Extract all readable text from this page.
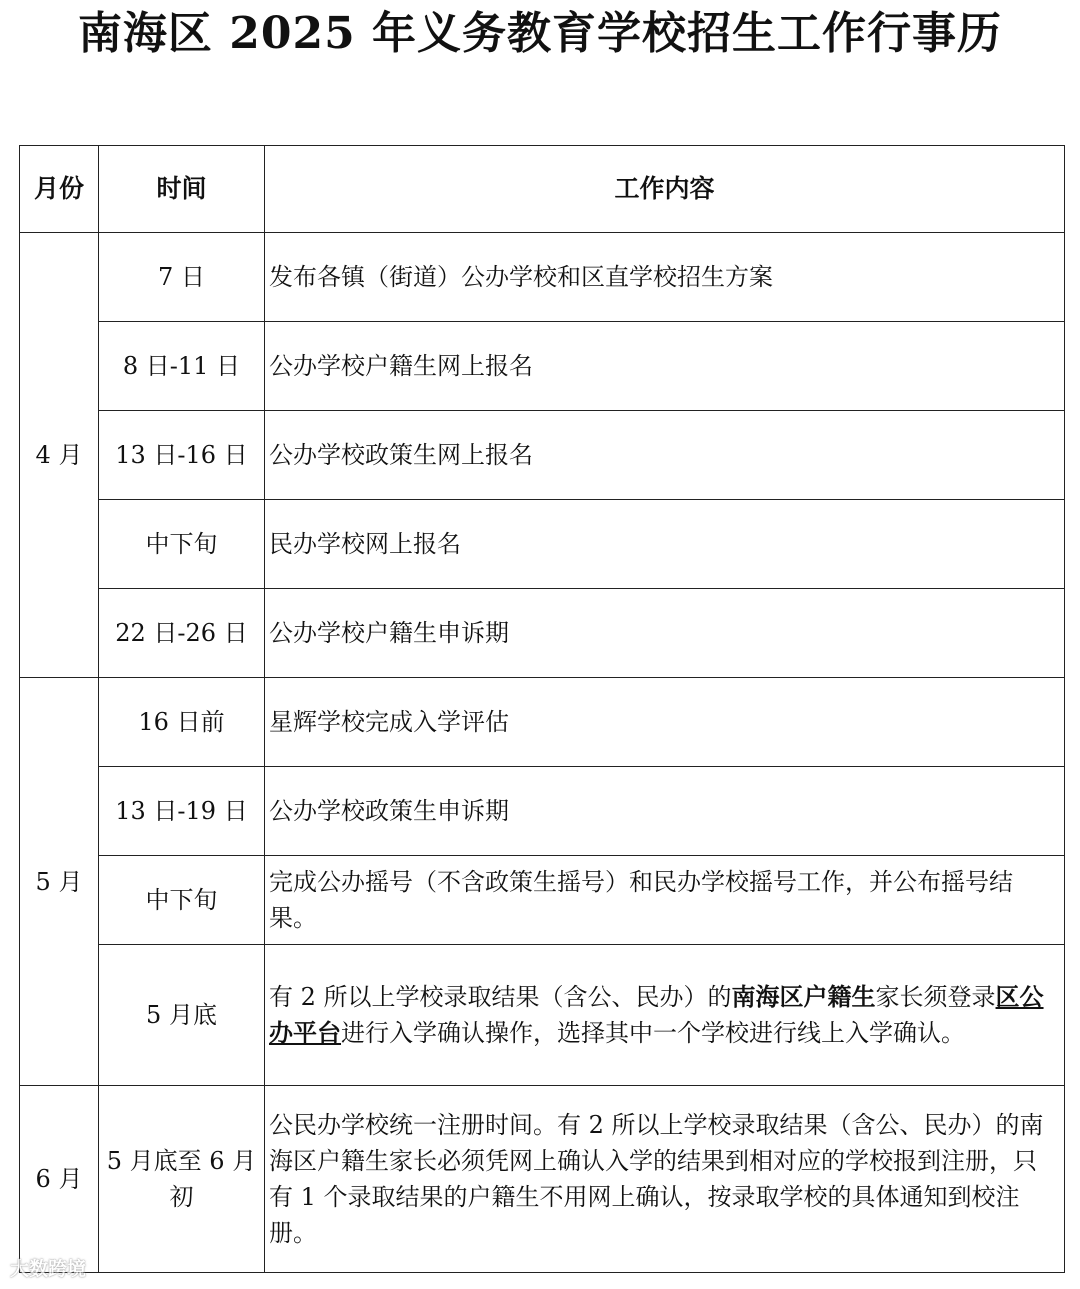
南海区 2025 年义务教育学校招生工作行事历
月份	时间	工作内容
4 月	7 日	发布各镇（街道）公办学校和区直学校招生方案
	8 日-11 日	公办学校户籍生网上报名
	13 日-16 日	公办学校政策生网上报名
	中下旬	民办学校网上报名
	22 日-26 日	公办学校户籍生申诉期
5 月	16 日前	星辉学校完成入学评估
	13 日-19 日	公办学校政策生申诉期
	中下旬	完成公办摇号（不含政策生摇号）和民办学校摇号工作，并公布摇号结果。
	5 月底	有 2 所以上学校录取结果（含公、民办）的南海区户籍生家长须登录区公办平台进行入学确认操作，选择其中一个学校进行线上入学确认。
6 月	5 月底至 6 月初	公民办学校统一注册时间。有 2 所以上学校录取结果（含公、民办）的南海区户籍生家长必须凭网上确认入学的结果到相对应的学校报到注册，只有 1 个录取结果的户籍生不用网上确认，按录取学校的具体通知到校注册。
大数跨境
